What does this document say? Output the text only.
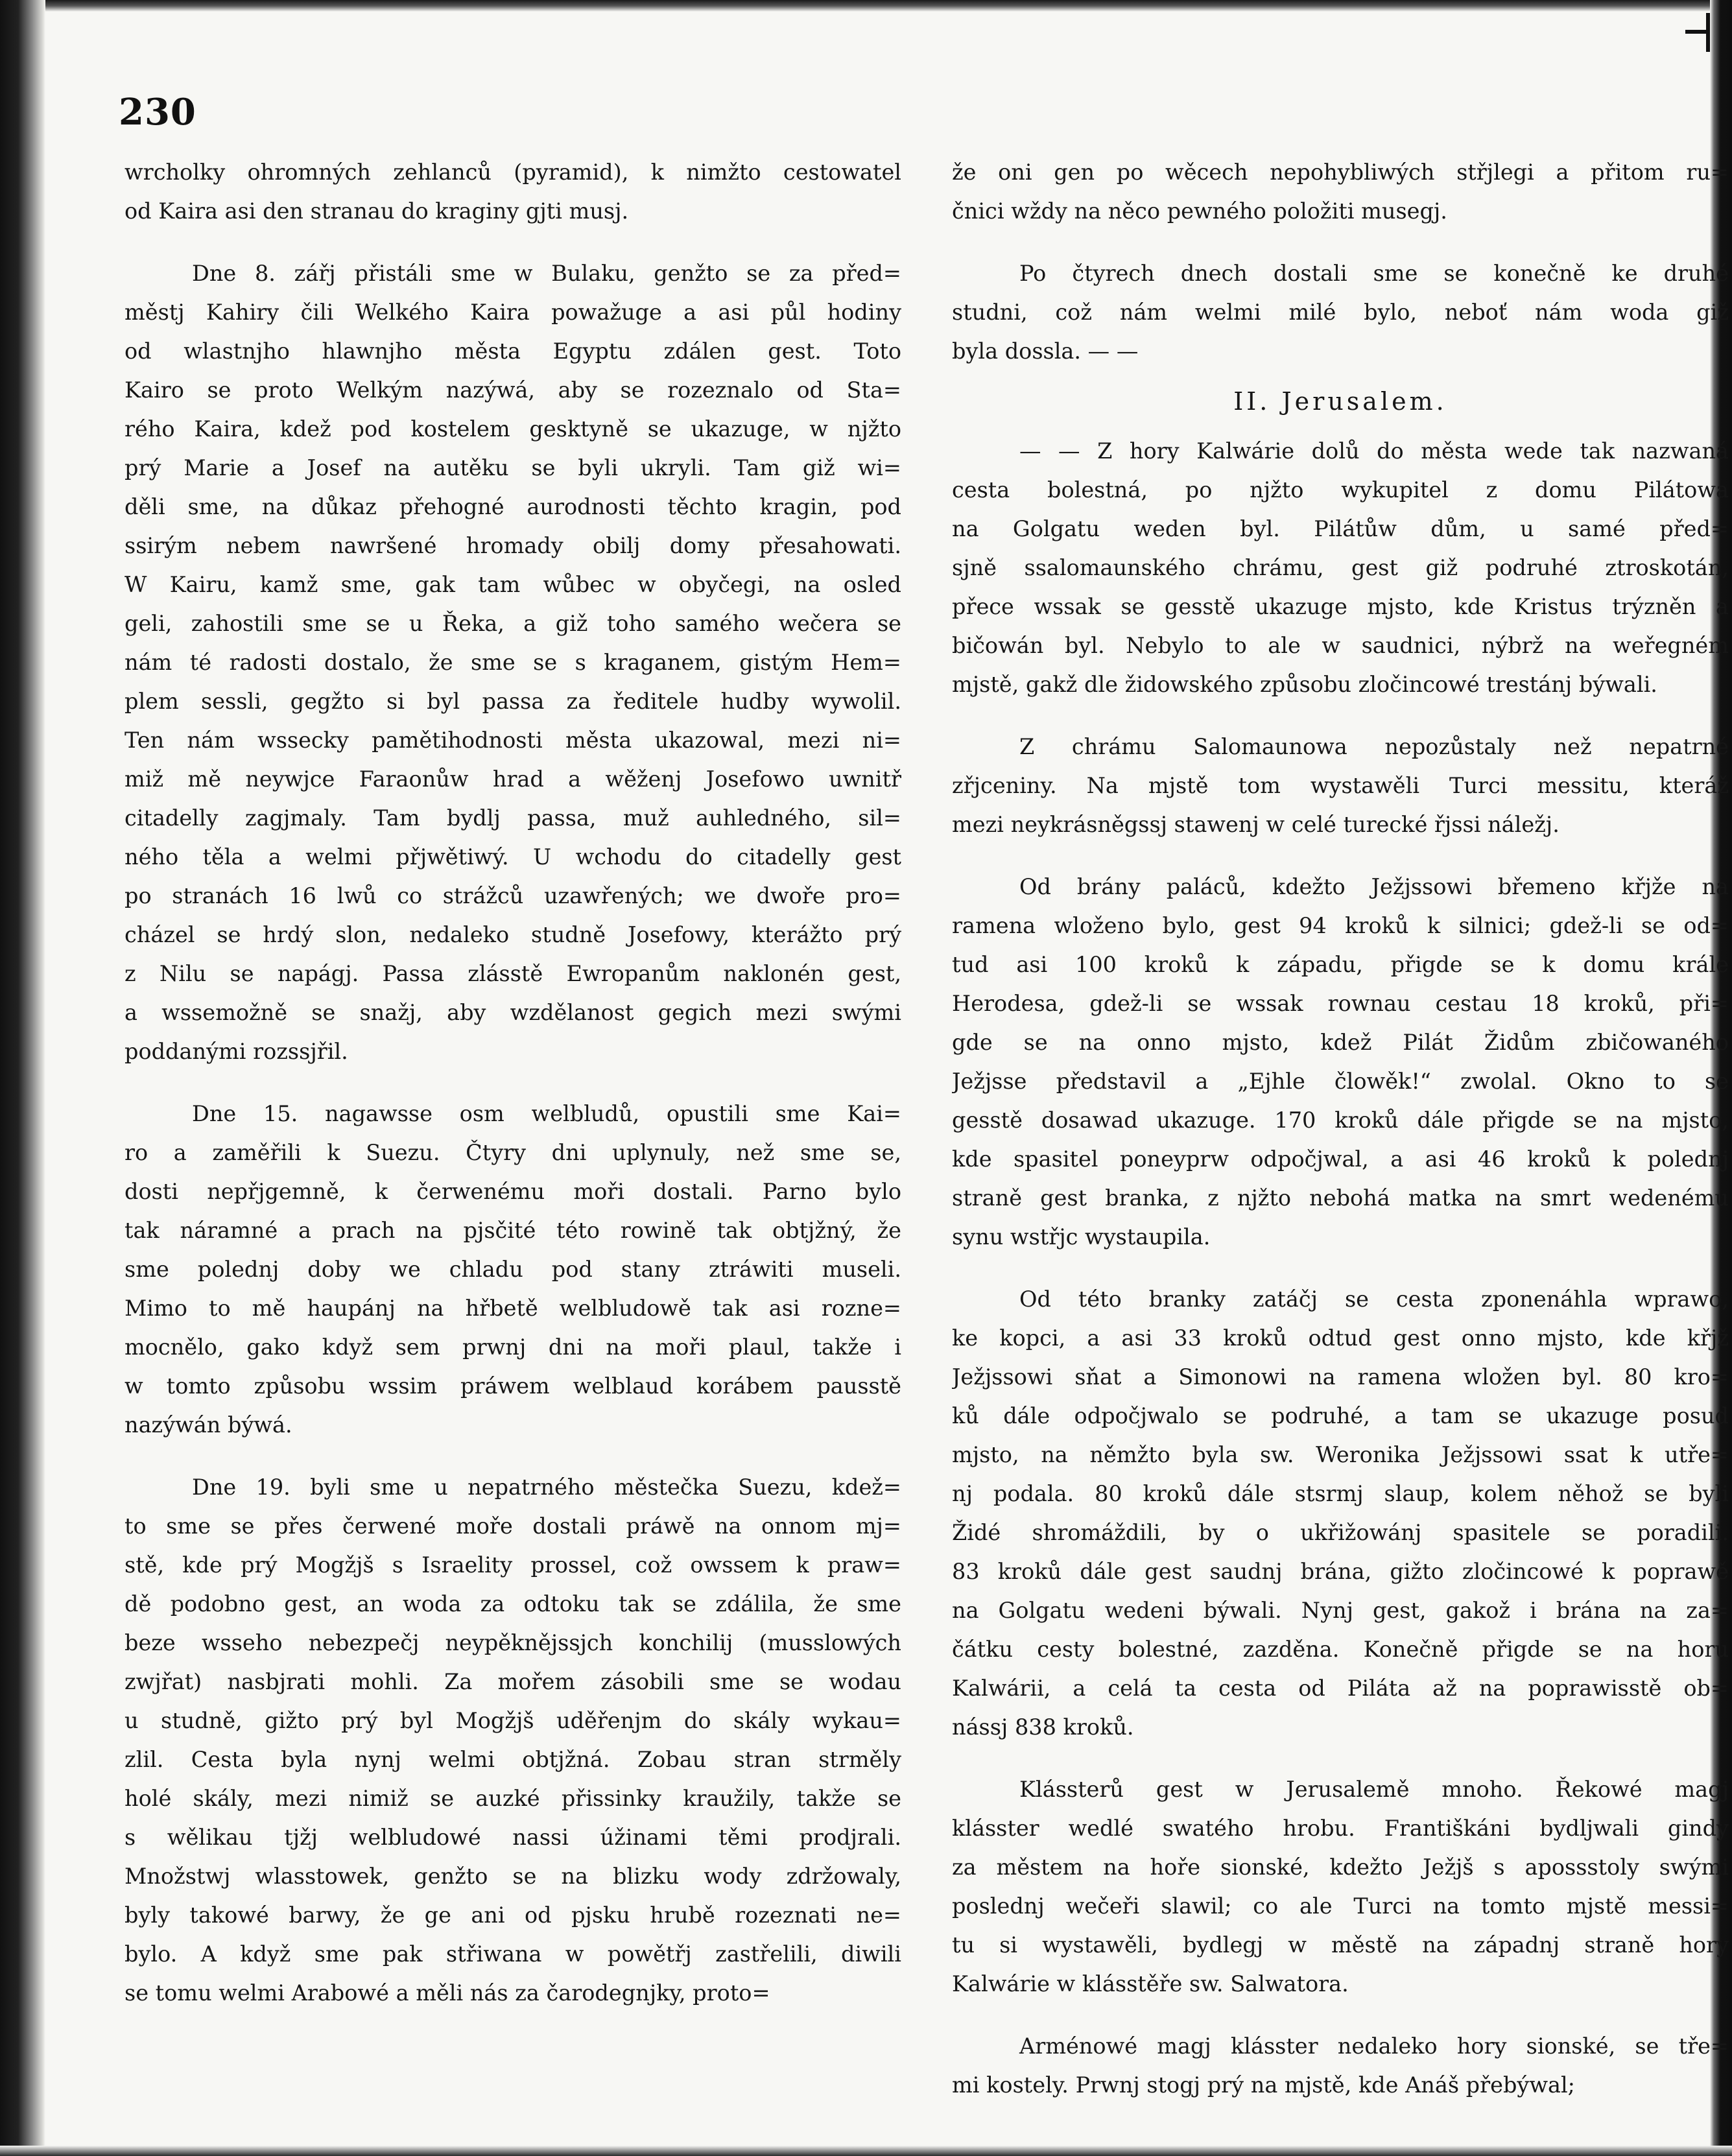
230
wrcholky ohromných zehlanců (pyramid), k nimžto cestowatel
od Kaira asi den stranau do kraginy gjti musj.
Dne 8. zářj přistáli sme w Bulaku, genžto se za před=
městj Kahiry čili Welkého Kaira powažuge a asi půl hodiny
od wlastnjho hlawnjho města Egyptu zdálen gest. Toto
Kairo se proto Welkým nazýwá, aby se rozeznalo od Sta=
rého Kaira, kdež pod kostelem gesktyně se ukazuge, w njžto
prý Marie a Josef na autěku se byli ukryli. Tam giž wi=
děli sme, na důkaz přehogné aurodnosti těchto kragin, pod
ssirým nebem nawršené hromady obilj domy přesahowati.
W Kairu, kamž sme, gak tam wůbec w obyčegi, na osled
geli, zahostili sme se u Řeka, a giž toho samého wečera se
nám té radosti dostalo, že sme se s kraganem, gistým Hem=
plem sessli, gegžto si byl passa za ředitele hudby wywolil.
Ten nám wssecky pamětihodnosti města ukazowal, mezi ni=
miž mě neywjce Faraonůw hrad a wěženj Josefowo uwnitř
citadelly zagjmaly. Tam bydlj passa, muž auhledného, sil=
ného těla a welmi přjwětiwý. U wchodu do citadelly gest
po stranách 16 lwů co strážců uzawřených; we dwoře pro=
cházel se hrdý slon, nedaleko studně Josefowy, kterážto prý
z Nilu se napágj. Passa zlásstě Ewropanům naklonén gest,
a wssemožně se snažj, aby wzdělanost gegich mezi swými
poddanými rozssjřil.
Dne 15. nagawsse osm welbludů, opustili sme Kai=
ro a zaměřili k Suezu. Čtyry dni uplynuly, než sme se,
dosti nepřjgemně, k čerwenému moři dostali. Parno bylo
tak náramné a prach na pjsčité této rowině tak obtjžný, že
sme polednj doby we chladu pod stany ztráwiti museli.
Mimo to mě haupánj na hřbetě welbludowě tak asi rozne=
mocnělo, gako když sem prwnj dni na moři plaul, takže i
w tomto způsobu wssim práwem welblaud korábem pausstě
nazýwán býwá.
Dne 19. byli sme u nepatrného městečka Suezu, kdež=
to sme se přes čerwené moře dostali práwě na onnom mj=
stě, kde prý Mogžjš s Israelity prossel, což owssem k praw=
dě podobno gest, an woda za odtoku tak se zdálila, že sme
beze wsseho nebezpečj neypěknějssjch konchilij (musslowých
zwjřat) nasbjrati mohli. Za mořem zásobili sme se wodau
u studně, gižto prý byl Mogžjš uděřenjm do skály wykau=
zlil. Cesta byla nynj welmi obtjžná. Zobau stran strměly
holé skály, mezi nimiž se auzké přissinky kraužily, takže se
s wělikau tjžj welbludowé nassi úžinami těmi prodjrali.
Množstwj wlasstowek, genžto se na blizku wody zdržowaly,
byly takowé barwy, že ge ani od pjsku hrubě rozeznati ne=
bylo. A když sme pak střiwana w powětřj zastřelili, diwili
se tomu welmi Arabowé a měli nás za čarodegnjky, proto=
že oni gen po wěcech nepohybliwých střjlegi a přitom ru=
čnici wždy na něco pewného položiti musegj.
Po čtyrech dnech dostali sme se konečně ke druhé
studni, což nám welmi milé bylo, neboť nám woda giž
byla dossla. — —
II. Jerusalem.
— — Z hory Kalwárie dolů do města wede tak nazwaná
cesta bolestná, po njžto wykupitel z domu Pilátowa
na Golgatu weden byl. Pilátůw dům, u samé před=
sjně ssalomaunského chrámu, gest giž podruhé ztroskotán,
přece wssak se gesstě ukazuge mjsto, kde Kristus trýzněn a
bičowán byl. Nebylo to ale w saudnici, nýbrž na weřegném
mjstě, gakž dle židowského způsobu zločincowé trestánj býwali.
Z chrámu Salomaunowa nepozůstaly než nepatrné
zřjceniny. Na mjstě tom wystawěli Turci messitu, kteráž
mezi neykrásněgssj stawenj w celé turecké řjssi náležj.
Od brány paláců, kdežto Ježjssowi břemeno křjže na
ramena wloženo bylo, gest 94 kroků k silnici; gdež-li se od=
tud asi 100 kroků k západu, přigde se k domu krále
Herodesa, gdež-li se wssak rownau cestau 18 kroků, při=
gde se na onno mjsto, kdež Pilát Židům zbičowaného
Ježjsse představil a „Ejhle člowěk!“ zwolal. Okno to se
gesstě dosawad ukazuge. 170 kroků dále přigde se na mjsto,
kde spasitel poneyprw odpočjwal, a asi 46 kroků k polednj
straně gest branka, z njžto nebohá matka na smrt wedenému
synu wstřjc wystaupila.
Od této branky zatáčj se cesta zponenáhla wprawo,
ke kopci, a asi 33 kroků odtud gest onno mjsto, kde křjž
Ježjssowi sňat a Simonowi na ramena wložen byl. 80 kro=
ků dále odpočjwalo se podruhé, a tam se ukazuge posud
mjsto, na němžto byla sw. Weronika Ježjssowi ssat k utře=
nj podala. 80 kroků dále stsrmj slaup, kolem něhož se byli
Židé shromáždili, by o ukřižowánj spasitele se poradili.
83 kroků dále gest saudnj brána, gižto zločincowé k poprawě
na Golgatu wedeni býwali. Nynj gest, gakož i brána na za=
čátku cesty bolestné, zazděna. Konečně přigde se na horu
Kalwárii, a celá ta cesta od Piláta až na poprawisstě ob=
nássj 838 kroků.
Klássterů gest w Jerusalemě mnoho. Řekowé magj
klásster wedlé swatého hrobu. Františkáni bydljwali gindy
za městem na hoře sionské, kdežto Ježjš s apossstoly swými
poslednj wečeři slawil; co ale Turci na tomto mjstě messi=
tu si wystawěli, bydlegj w městě na západnj straně hory
Kalwárie w klásstěře sw. Salwatora.
Arménowé magj klásster nedaleko hory sionské, se tře=
mi kostely. Prwnj stogj prý na mjstě, kde Anáš přebýwal;
